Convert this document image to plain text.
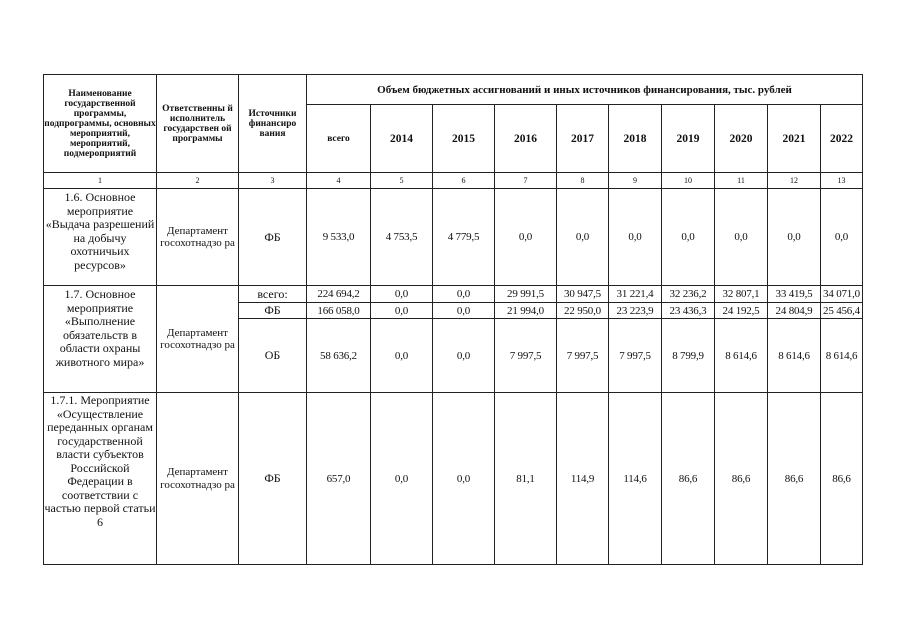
Наименование государственной программы, подпрограммы, основных мероприятий, мероприятий, подмероприятий	Ответственны й исполнитель государствен ой программы	Источники финансиро вания	Объем бюджетных ассигнований и иных источников финансирования, тыс. рублей									
			всего	2014	2015	2016	2017	2018	2019	2020	2021	2022
1	2	3	4	5	6	7	8	9	10	11	12	13
1.6. Основное мероприятие «Выдача разрешений на добычу охотничьих ресурсов»	Департамент госохотнадзо ра	ФБ	9 533,0	4 753,5	4 779,5	0,0	0,0	0,0	0,0	0,0	0,0	0,0
1.7. Основное мероприятие «Выполнение обязательств в области охраны животного мира»	Департамент госохотнадзо ра	всего:	224 694,2	0,0	0,0	29 991,5	30 947,5	31 221,4	32 236,2	32 807,1	33 419,5	34 071,0
		ФБ	166 058,0	0,0	0,0	21 994,0	22 950,0	23 223,9	23 436,3	24 192,5	24 804,9	25 456,4
		ОБ	58 636,2	0,0	0,0	7 997,5	7 997,5	7 997,5	8 799,9	8 614,6	8 614,6	8 614,6
1.7.1. Мероприятие «Осуществление переданных органам государственной власти субъектов Российской Федерации в соответствии с частью первой статьи 6	Департамент госохотнадзо ра	ФБ	657,0	0,0	0,0	81,1	114,9	114,6	86,6	86,6	86,6	86,6
